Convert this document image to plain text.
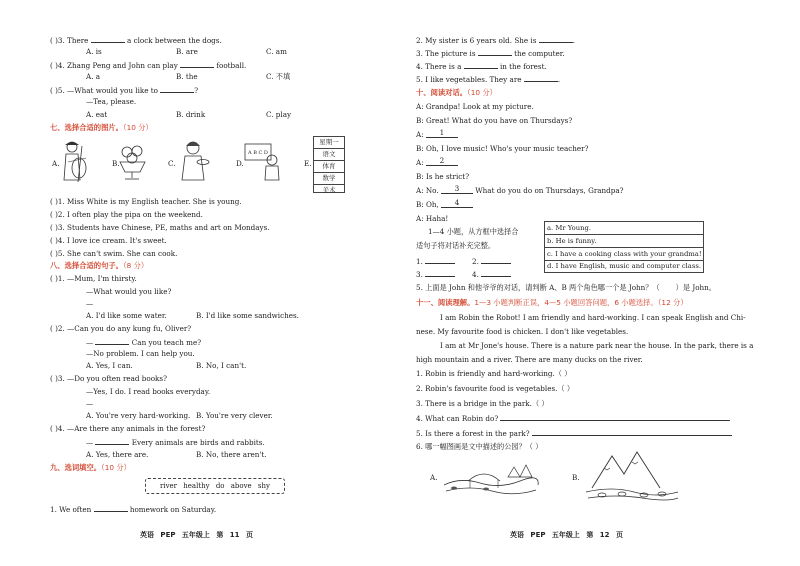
( )3. There	a clock between the dogs.
A. is	B. are	C. am
( )4. Zhang Peng and John can play	football.
A. a	B. the	C. 不填
( )5. —What would you like to	?
—Tea, please.
A. eat	B. drink	C. play
七、选择合适的图片。（10 分）
A.	B.	C.	D.
A B C D
E.
星期一
语文
体育
数学
美术
( )1. Miss White is my English teacher. She is young.
( )2. I often play the pipa on the weekend.
( )3. Students have Chinese, PE, maths and art on Mondays.
( )4. I love ice cream. It's sweet.
( )5. She can't swim. She can cook.
八、选择合适的句子。（8 分）
( )1. —Mum, I'm thirsty.
—What would you like?
—
A. I'd like some water.	B. I'd like some sandwiches.
( )2. —Can you do any kung fu, Oliver?
—	Can you teach me?
—No problem. I can help you.
A. Yes, I can.	B. No, I can't.
( )3. —Do you often read books?
—Yes, I do. I read books everyday.
—
A. You're very hard-working. B. You're very clever.
( )4. —Are there any animals in the forest?
—	Every animals are birds and rabbits.
A. Yes, there are.	B. No, there aren't.
九、选词填空。（10 分）
river healthy do above shy
1. We often	homework on Saturday.
英语 PEP 五年级上 第 11 页
2. My sister is 6 years old. She is	.
3. The picture is	the computer.
4. There is a	in the forest.
5. I like vegetables. They are	.
十、阅读对话。（10 分）
A: Grandpa! Look at my picture.
B: Great! What do you have on Thursdays?
A: 1
B: Oh, I love music! Who's your music teacher?
A: 2
B: Is he strict?
A: No. 3 What do you do on Thursdays, Grandpa?
B: Oh, 4
A: Haha!
1—4 小题，从方框中选择合
适句子将对话补充完整。
1.	2.
3.	4.
a. Mr Young.
b. He is funny.
c. I have a cooking class with your grandma!
d. I have English, music and computer class.
5. 上面是 John 和他爷爷的对话，请判断 A、B 两个角色哪一个是 John？（ ）是 John。
十一、阅读理解。1—3 小题判断正误，4—5 小题回答问题，6 小题选择。（12 分）
I am Robin the Robot! I am friendly and hard-working. I can speak English and Chi-
nese. My favourite food is chicken. I don't like vegetables.
I am at Mr Jone's house. There is a nature park near the house. In the park, there is a
high mountain and a river. There are many ducks on the river.
1. Robin is friendly and hard-working.（ ）
2. Robin's favourite food is vegetables.（ ）
3. There is a bridge in the park.（ ）
4. What can Robin do?
5. Is there a forest in the park?
6. 哪一幅图画是文中描述的公园？（ ）
A.	B.
英语 PEP 五年级上 第 12 页
